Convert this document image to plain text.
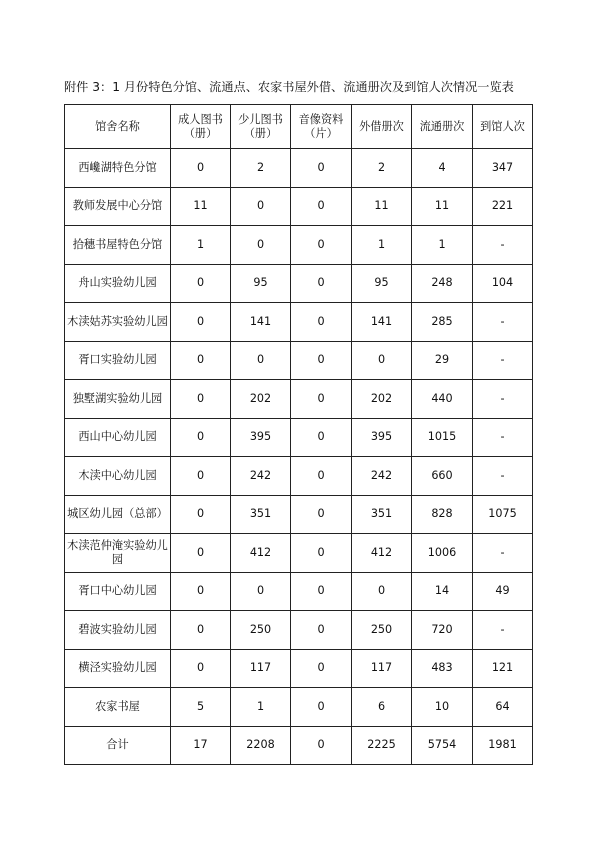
附件 3：1 月份特色分馆、流通点、农家书屋外借、流通册次及到馆人次情况一览表
馆舍名称	成人图书（册）	少儿图书（册）	音像资料（片）	外借册次	流通册次	到馆人次
西巉湖特色分馆	0	2	0	2	4	347
教师发展中心分馆	11	0	0	11	11	221
拾穗书屋特色分馆	1	0	0	1	1	-
舟山实验幼儿园	0	95	0	95	248	104
木渎姑苏实验幼儿园	0	141	0	141	285	-
胥口实验幼儿园	0	0	0	0	29	-
独墅湖实验幼儿园	0	202	0	202	440	-
西山中心幼儿园	0	395	0	395	1015	-
木渎中心幼儿园	0	242	0	242	660	-
城区幼儿园（总部）	0	351	0	351	828	1075
木渎范仲淹实验幼儿园	0	412	0	412	1006	-
胥口中心幼儿园	0	0	0	0	14	49
碧波实验幼儿园	0	250	0	250	720	-
横泾实验幼儿园	0	117	0	117	483	121
农家书屋	5	1	0	6	10	64
合计	17	2208	0	2225	5754	1981
